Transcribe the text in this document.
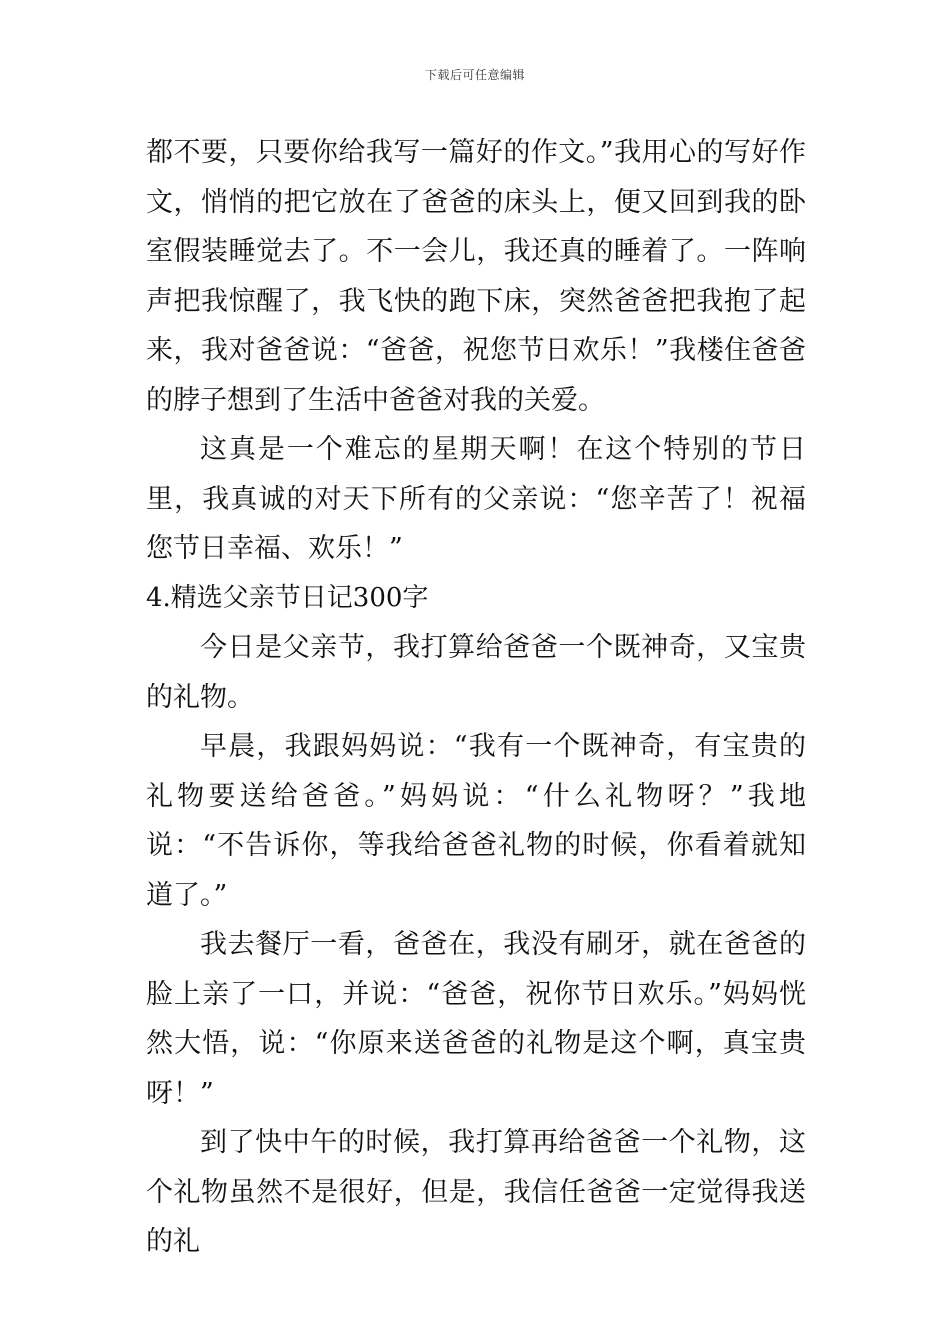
下载后可任意编辑

都不要，只要你给我写一篇好的作文。”我用心的写好作文，悄悄的把它放在了爸爸的床头上，便又回到我的卧室假装睡觉去了。不一会儿，我还真的睡着了。一阵响声把我惊醒了，我飞快的跑下床，突然爸爸把我抱了起来，我对爸爸说：“爸爸，祝您节日欢乐！”我楼住爸爸的脖子想到了生活中爸爸对我的关爱。

这真是一个难忘的星期天啊！在这个特别的节日里，我真诚的对天下所有的父亲说：“您辛苦了！祝福您节日幸福、欢乐！”

4.精选父亲节日记300字

今日是父亲节，我打算给爸爸一个既神奇，又宝贵的礼物。

早晨，我跟妈妈说：“我有一个既神奇，有宝贵的礼物要送给爸爸。”妈妈说：“什么礼物呀？”我地说：“不告诉你，等我给爸爸礼物的时候，你看着就知道了。”

我去餐厅一看，爸爸在，我没有刷牙，就在爸爸的脸上亲了一口，并说：“爸爸，祝你节日欢乐。”妈妈恍然大悟，说：“你原来送爸爸的礼物是这个啊，真宝贵呀！”

到了快中午的时候，我打算再给爸爸一个礼物，这个礼物虽然不是很好，但是，我信任爸爸一定觉得我送的礼
